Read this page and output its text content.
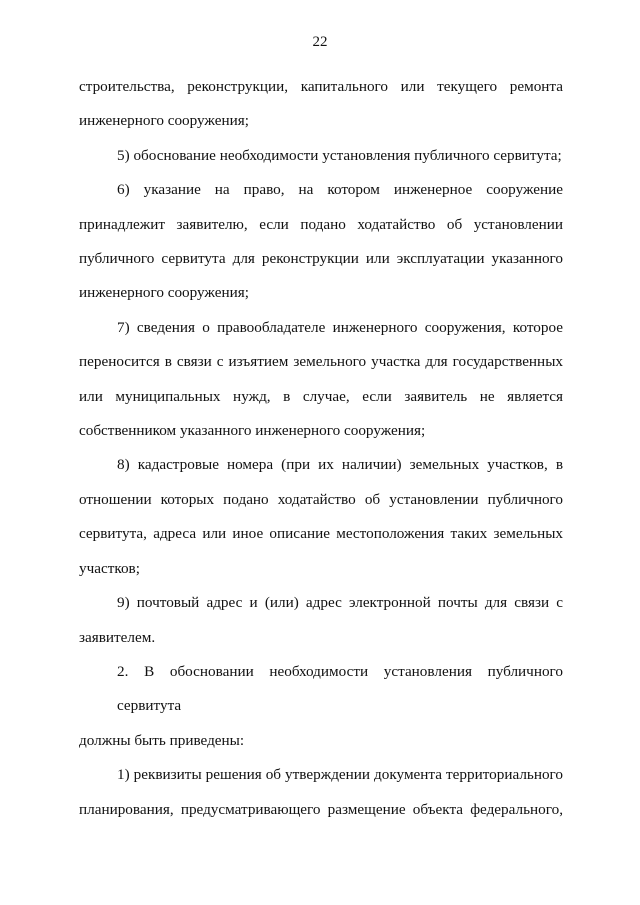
22

строительства, реконструкции, капитального или текущего ремонта
инженерного сооружения;

5) обоснование необходимости установления публичного сервитута;

6) указание на право, на котором инженерное сооружение
принадлежит заявителю, если подано ходатайство об установлении
публичного сервитута для реконструкции или эксплуатации указанного
инженерного сооружения;

7) сведения о правообладателе инженерного сооружения, которое
переносится в связи с изъятием земельного участка для государственных
или муниципальных нужд, в случае, если заявитель не является
собственником указанного инженерного сооружения;

8) кадастровые номера (при их наличии) земельных участков, в
отношении которых подано ходатайство об установлении публичного
сервитута, адреса или иное описание местоположения таких земельных
участков;

9) почтовый адрес и (или) адрес электронной почты для связи с
заявителем.

2. В обосновании необходимости установления публичного сервитута
должны быть приведены:

1) реквизиты решения об утверждении документа территориального
планирования, предусматривающего размещение объекта федерального,
